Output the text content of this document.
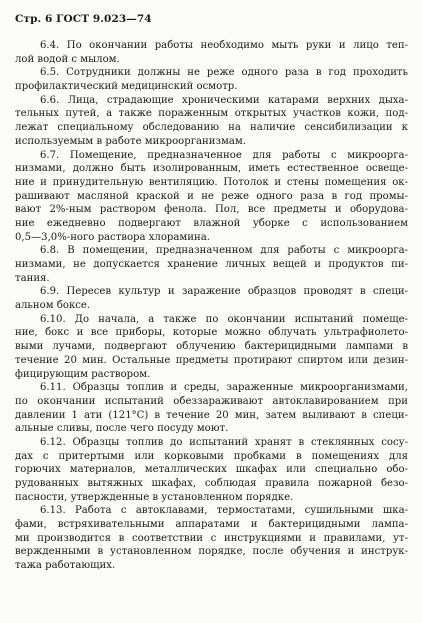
Стр. 6 ГОСТ 9.023—74
6.4. По окончании работы необходимо мыть руки и лицо теп-
лой водой с мылом.
6.5. Сотрудники должны не реже одного раза в год проходить
профилактический медицинский осмотр.
6.6. Лица, страдающие хроническими катарами верхних дыха-
тельных путей, а также пораженным открытых участков кожи, под-
лежат специальному обследованию на наличие сенсибилизации к
используемым в работе микроорганизмам.
6.7. Помещение, предназначенное для работы с микроорга-
низмами, должно быть изолированным, иметь естественное освеще-
ние и принудительную вентиляцию. Потолок и стены помещения ок-
рашивают масляной краской и не реже одного раза в год промы-
вают 2%-ным раствором фенола. Пол, все предметы и оборудова-
ние ежедневно подвергают влажной уборке с использованием
0,5—3,0%-ного раствора хлорамина.
6.8. В помещении, предназначенном для работы с микроорга-
низмами, не допускается хранение личных вещей и продуктов пи-
тания.
6.9. Пересев культур и заражение образцов проводят в специ-
альном боксе.
6.10. До начала, а также по окончании испытаний помеще-
ние, бокс и все приборы, которые можно облучать ультрафиолето-
выми лучами, подвергают облучению бактерицидными лампами в
течение 20 мин. Остальные предметы протирают спиртом или дезин-
фицирующим раствором.
6.11. Образцы топлив и среды, зараженные микроорганизмами,
по окончании испытаний обеззараживают автоклавированием при
давлении 1 ати (121°С) в течение 20 мин, затем выливают в специ-
альные сливы, после чего посуду моют.
6.12. Образцы топлив до испытаний хранят в стеклянных сосу-
дах с притертыми или корковыми пробками в помещениях для
горючих материалов, металлических шкафах или специально обо-
рудованных вытяжных шкафах, соблюдая правила пожарной безо-
пасности, утвержденные в установленном порядке.
6.13. Работа с автоклавами, термостатами, сушильными шка-
фами, встряхивательными аппаратами и бактерицидными лампа-
ми производится в соответствии с инструкциями и правилами, ут-
вержденными в установленном порядке, после обучения и инструк-
тажа работающих.
